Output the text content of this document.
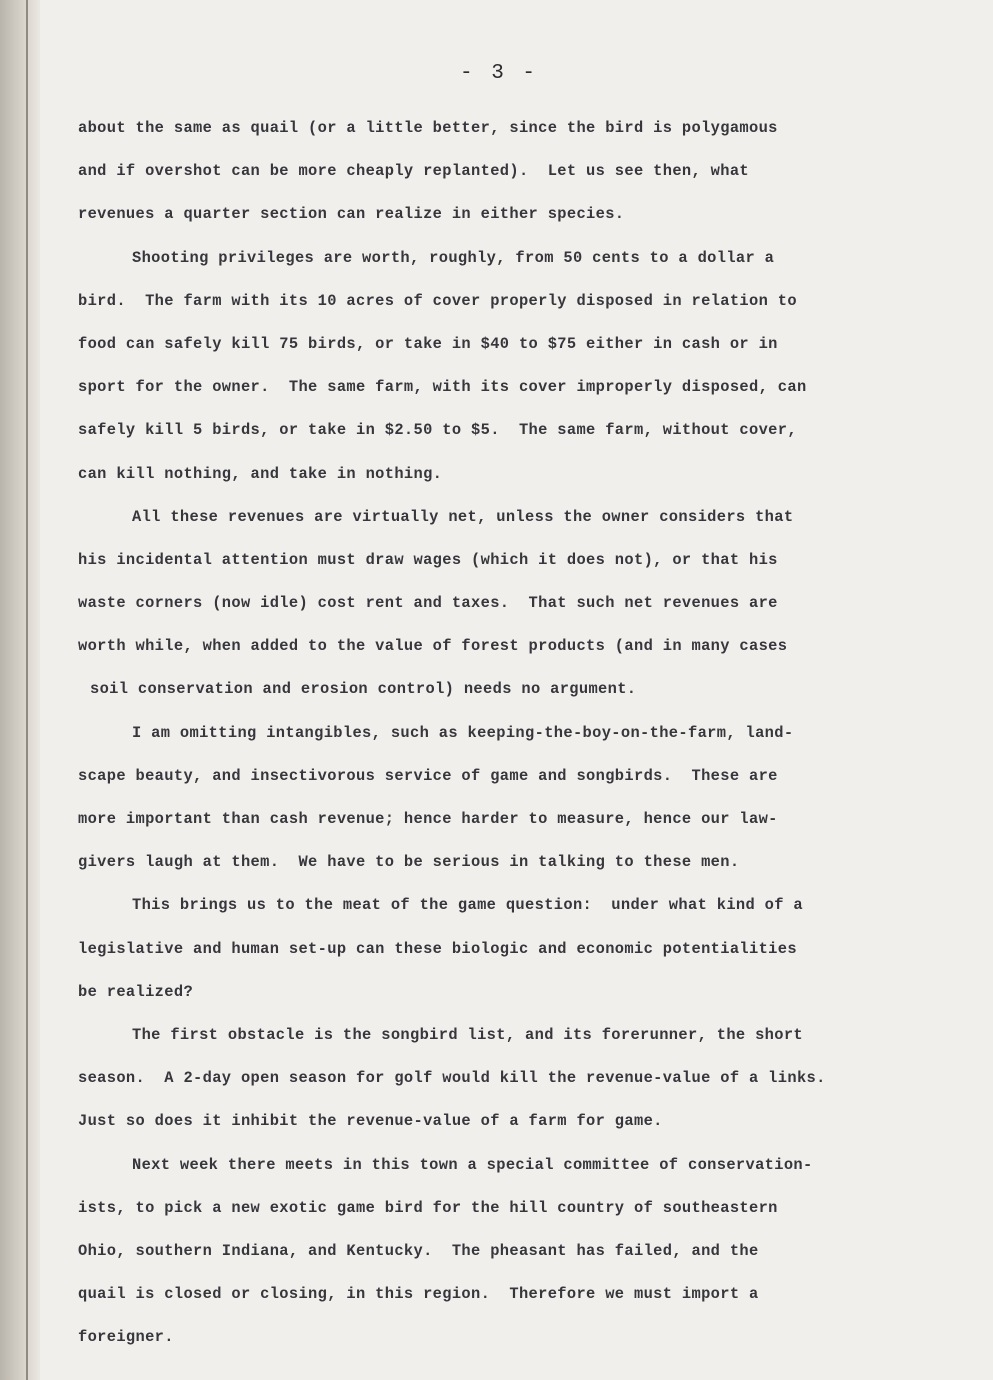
- 3 -
about the same as quail (or a little better, since the bird is polygamous
and if overshot can be more cheaply replanted).  Let us see then, what
revenues a quarter section can realize in either species.
Shooting privileges are worth, roughly, from 50 cents to a dollar a
bird.  The farm with its 10 acres of cover properly disposed in relation to
food can safely kill 75 birds, or take in $40 to $75 either in cash or in
sport for the owner.  The same farm, with its cover improperly disposed, can
safely kill 5 birds, or take in $2.50 to $5.  The same farm, without cover,
can kill nothing, and take in nothing.
All these revenues are virtually net, unless the owner considers that
his incidental attention must draw wages (which it does not), or that his
waste corners (now idle) cost rent and taxes.  That such net revenues are
worth while, when added to the value of forest products (and in many cases
soil conservation and erosion control) needs no argument.
I am omitting intangibles, such as keeping-the-boy-on-the-farm, land-
scape beauty, and insectivorous service of game and songbirds.  These are
more important than cash revenue; hence harder to measure, hence our law-
givers laugh at them.  We have to be serious in talking to these men.
This brings us to the meat of the game question:  under what kind of a
legislative and human set-up can these biologic and economic potentialities
be realized?
The first obstacle is the songbird list, and its forerunner, the short
season.  A 2-day open season for golf would kill the revenue-value of a links.
Just so does it inhibit the revenue-value of a farm for game.
Next week there meets in this town a special committee of conservation-
ists, to pick a new exotic game bird for the hill country of southeastern
Ohio, southern Indiana, and Kentucky.  The pheasant has failed, and the
quail is closed or closing, in this region.  Therefore we must import a
foreigner.
